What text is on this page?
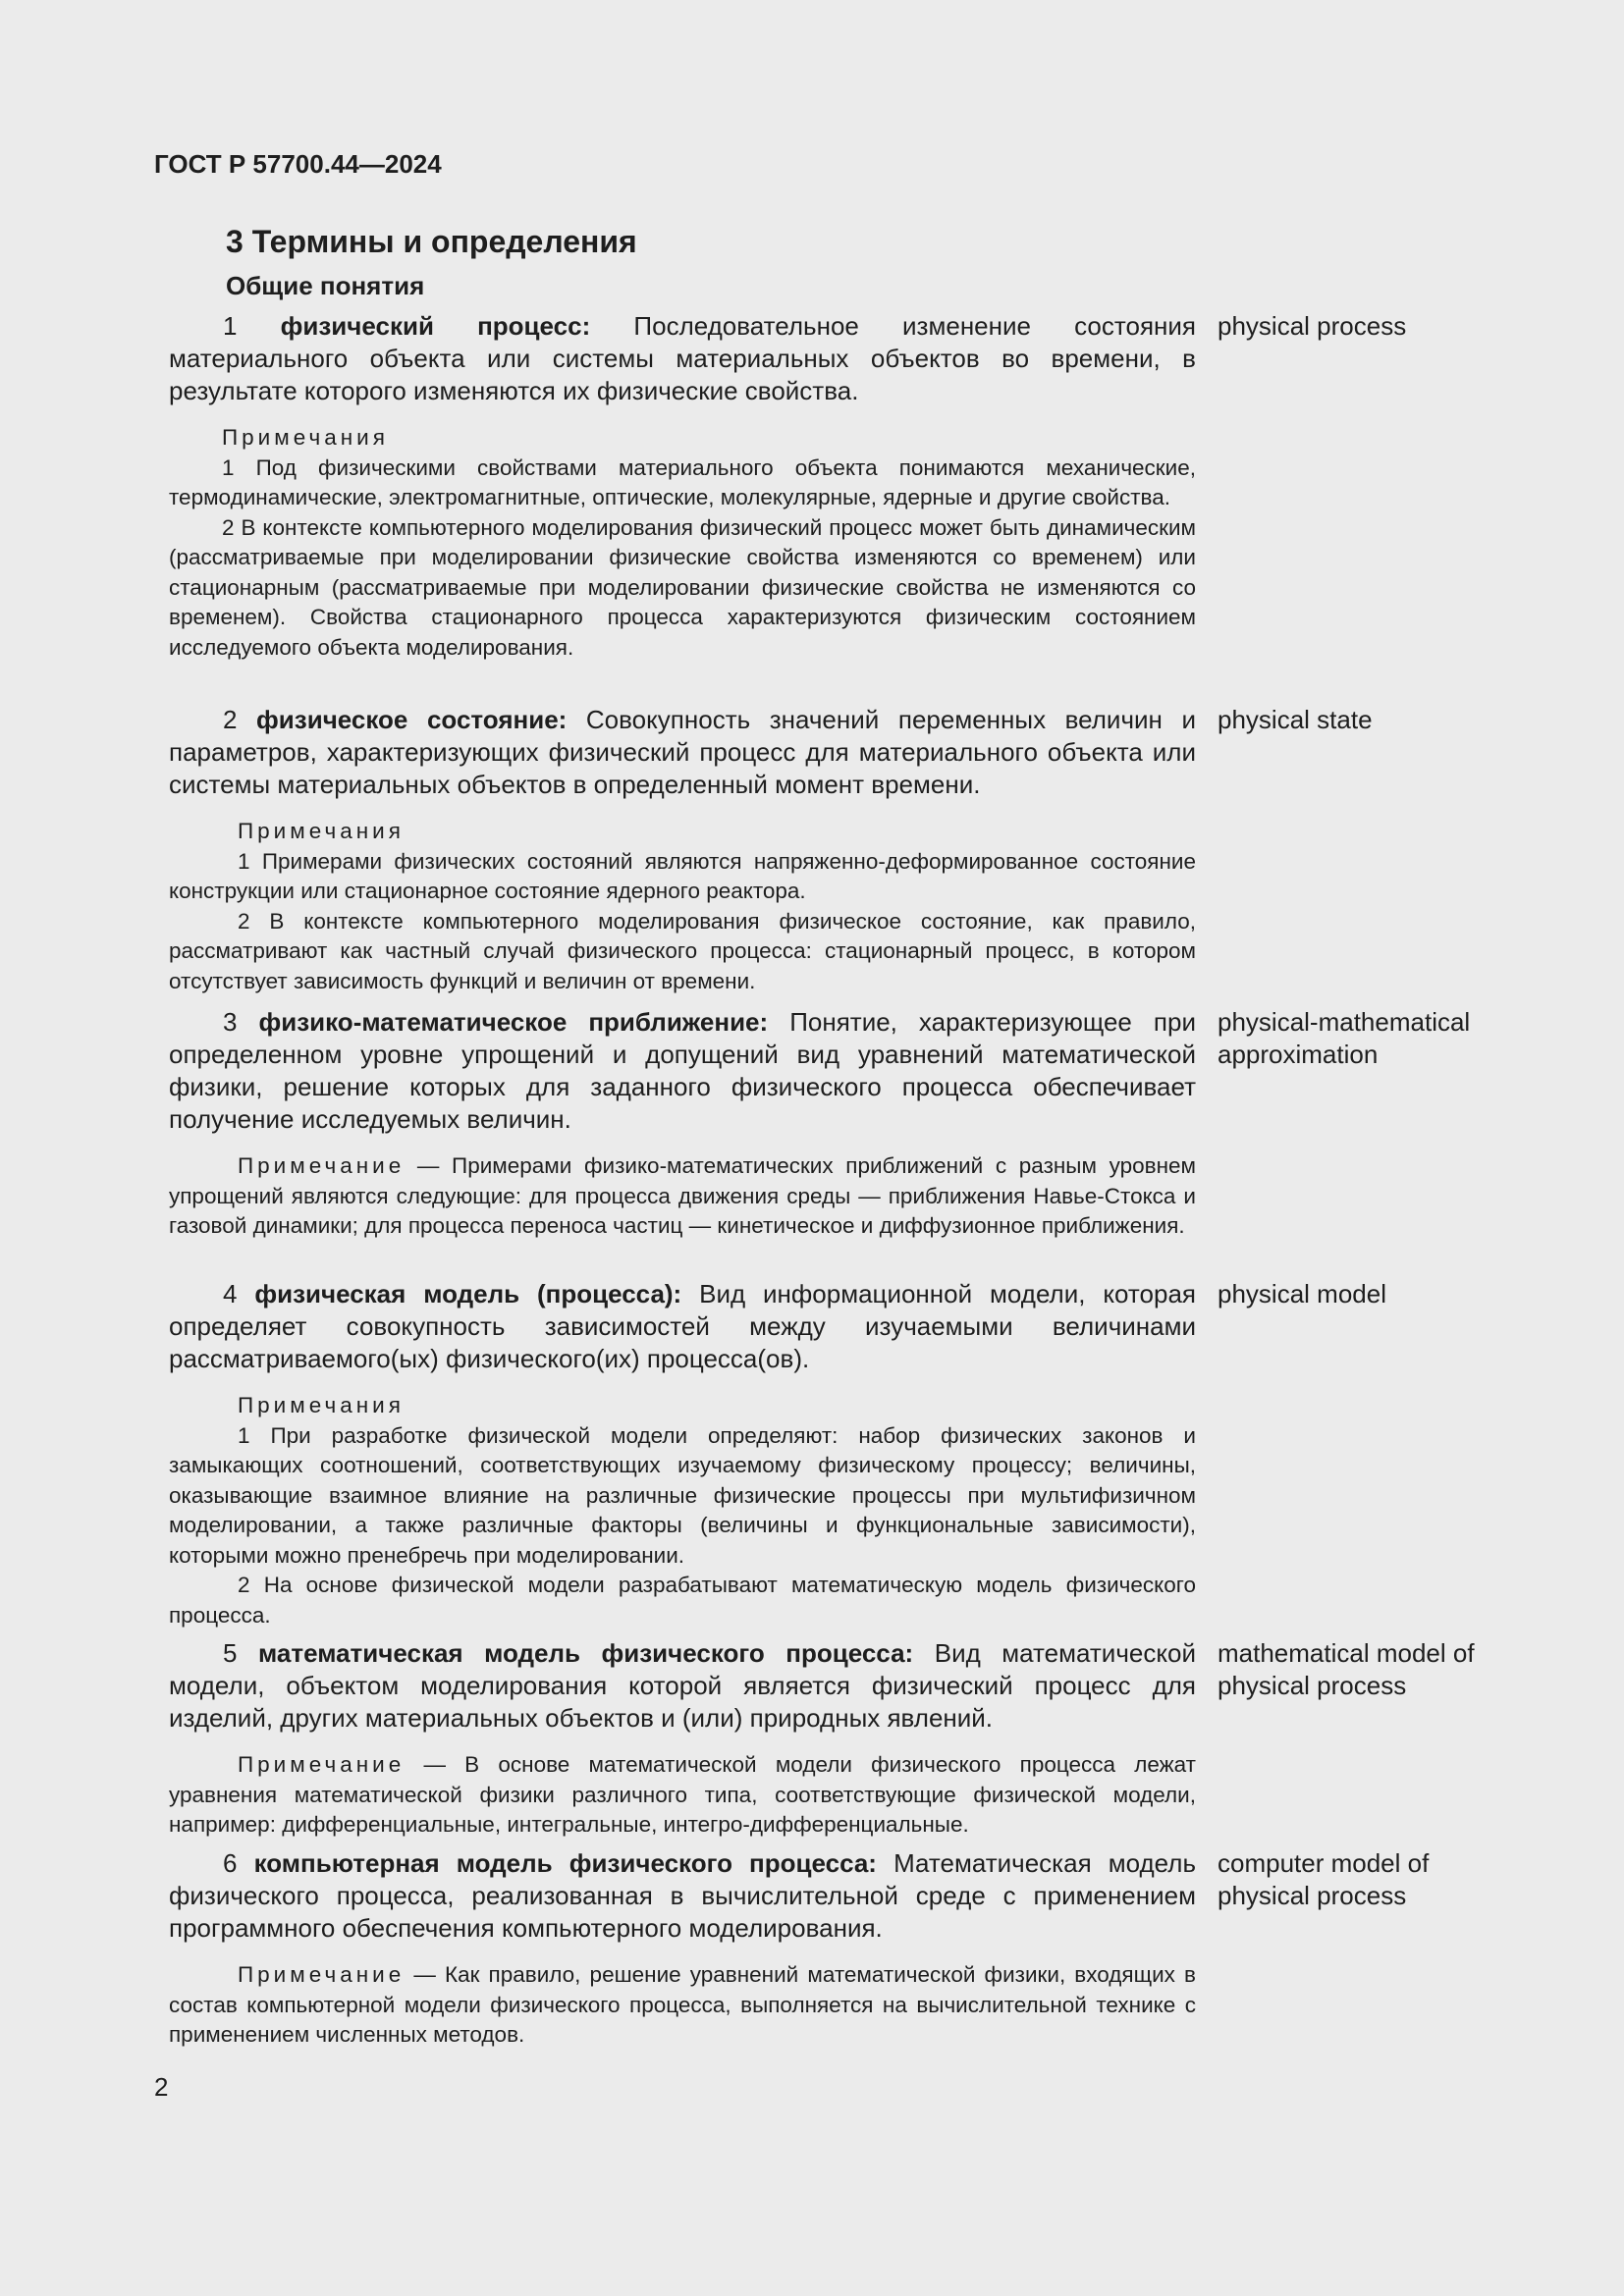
ГОСТ Р 57700.44—2024

3 Термины и определения
Общие понятия
1 физический процесс: Последовательное изменение состояния материального объекта или системы материальных объектов во времени, в результате которого изменяются их физические свойства.
physical process
Примечания
1 Под физическими свойствами материального объекта понимаются механические, термодинамические, электромагнитные, оптические, молекулярные, ядерные и другие свойства.
2 В контексте компьютерного моделирования физический процесс может быть динамическим (рассматриваемые при моделировании физические свойства изменяются со временем) или стационарным (рассматриваемые при моделировании физические свойства не изменяются со временем). Свойства стационарного процесса характеризуются физическим состоянием исследуемого объекта моделирования.
2 физическое состояние: Совокупность значений переменных величин и параметров, характеризующих физический процесс для материального объекта или системы материальных объектов в определенный момент времени.
physical state
Примечания
1 Примерами физических состояний являются напряженно-деформированное состояние конструкции или стационарное состояние ядерного реактора.
2 В контексте компьютерного моделирования физическое состояние, как правило, рассматривают как частный случай физического процесса: стационарный процесс, в котором отсутствует зависимость функций и величин от времени.
3 физико-математическое приближение: Понятие, характеризующее при определенном уровне упрощений и допущений вид уравнений математической физики, решение которых для заданного физического процесса обеспечивает получение исследуемых величин.
physical-mathematical approximation
Примечание — Примерами физико-математических приближений с разным уровнем упрощений являются следующие: для процесса движения среды — приближения Навье-Стокса и газовой динамики; для процесса переноса частиц — кинетическое и диффузионное приближения.
4 физическая модель (процесса): Вид информационной модели, которая определяет совокупность зависимостей между изучаемыми величинами рассматриваемого(ых) физического(их) процесса(ов).
physical model
Примечания
1 При разработке физической модели определяют: набор физических законов и замыкающих соотношений, соответствующих изучаемому физическому процессу; величины, оказывающие взаимное влияние на различные физические процессы при мультифизичном моделировании, а также различные факторы (величины и функциональные зависимости), которыми можно пренебречь при моделировании.
2 На основе физической модели разрабатывают математическую модель физического процесса.
5 математическая модель физического процесса: Вид математической модели, объектом моделирования которой является физический процесс для изделий, других материальных объектов и (или) природных явлений.
mathematical model of physical process
Примечание — В основе математической модели физического процесса лежат уравнения математической физики различного типа, соответствующие физической модели, например: дифференциальные, интегральные, интегро-дифференциальные.
6 компьютерная модель физического процесса: Математическая модель физического процесса, реализованная в вычислительной среде с применением программного обеспечения компьютерного моделирования.
computer model of physical process
Примечание — Как правило, решение уравнений математической физики, входящих в состав компьютерной модели физического процесса, выполняется на вычислительной технике с применением численных методов.

2
